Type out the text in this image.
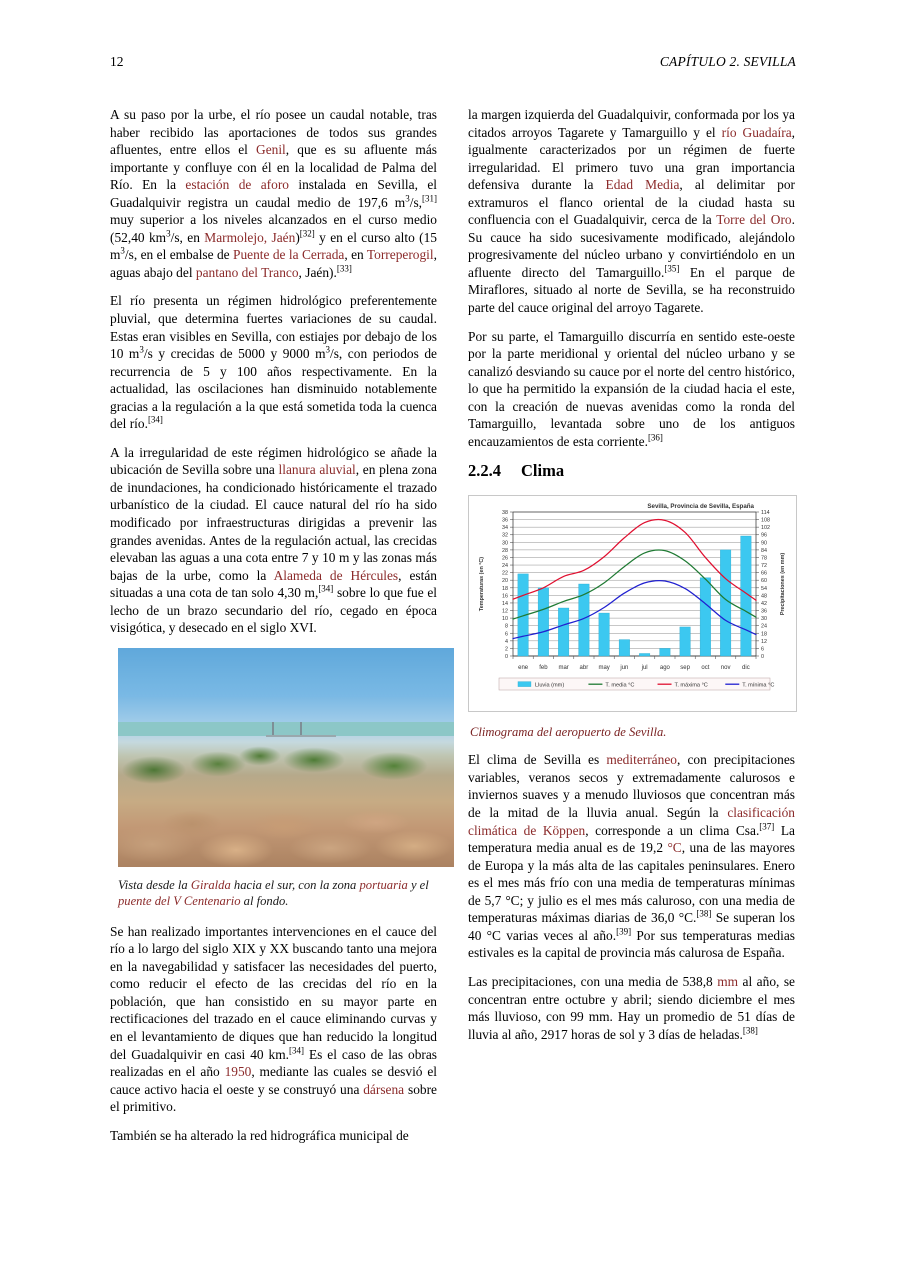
12	CAPÍTULO 2. SEVILLA

A su paso por la urbe, el río posee un caudal notable, tras haber recibido las aportaciones de todos sus grandes afluentes, entre ellos el Genil, que es su afluente más importante y confluye con él en la localidad de Palma del Río. En la estación de aforo instalada en Sevilla, el Guadalquivir registra un caudal medio de 197,6 $m^3/s,[31]$ muy superior a los niveles alcanzados en el curso medio (52,40 $km^3/s$, en Marmolejo, Jaén)[32] y en el curso alto (15 $m^3/s$, en el embalse de Puente de la Cerrada, en Torreperogil, aguas abajo del pantano del Tranco, Jaén).[33]

El río presenta un régimen hidrológico preferentemente pluvial, que determina fuertes variaciones de su caudal. Estas eran visibles en Sevilla, con estiajes por debajo de los 10 $m^3/s$ y crecidas de 5000 y 9000 $m^3/s$, con periodos de recurrencia de 5 y 100 años respectivamente. En la actualidad, las oscilaciones han disminuido notablemente gracias a la regulación a la que está sometida toda la cuenca del río.[34]

A la irregularidad de este régimen hidrológico se añade la ubicación de Sevilla sobre una llanura aluvial, en plena zona de inundaciones, ha condicionado históricamente el trazado urbanístico de la ciudad. El cauce natural del río ha sido modificado por infraestructuras dirigidas a prevenir las grandes avenidas. Antes de la regulación actual, las crecidas elevaban las aguas a una cota entre 7 y 10 m y las zonas más bajas de la urbe, como la Alameda de Hércules, están situadas a una cota de tan solo 4,30 m,[34] sobre lo que fue el lecho de un brazo secundario del río, cegado en época visigótica, y desecado en el siglo XVI.

Vista desde la Giralda hacia el sur, con la zona portuaria y el puente del V Centenario al fondo.

Se han realizado importantes intervenciones en el cauce del río a lo largo del siglo XIX y XX buscando tanto una mejora en la navegabilidad y satisfacer las necesidades del puerto, como reducir el efecto de las crecidas del río en la población, que han consistido en su mayor parte en rectificaciones del trazado en el cauce eliminando curvas y en el levantamiento de diques que han reducido la longitud del Guadalquivir en casi 40 km.[34] Es el caso de las obras realizadas en el año 1950, mediante las cuales se desvió el cauce activo hacia el oeste y se construyó una dársena sobre el primitivo.

También se ha alterado la red hidrográfica municipal de

la margen izquierda del Guadalquivir, conformada por los ya citados arroyos Tagarete y Tamarguillo y el río Guadaíra, igualmente caracterizados por un régimen de fuerte irregularidad. El primero tuvo una gran importancia defensiva durante la Edad Media, al delimitar por extramuros el flanco oriental de la ciudad hasta su confluencia con el Guadalquivir, cerca de la Torre del Oro. Su cauce ha sido sucesivamente modificado, alejándolo progresivamente del núcleo urbano y convirtiéndolo en un afluente directo del Tamarguillo.[35] En el parque de Miraflores, situado al norte de Sevilla, se ha reconstruido parte del cauce original del arroyo Tagarete.

Por su parte, el Tamarguillo discurría en sentido este-oeste por la parte meridional y oriental del núcleo urbano y se canalizó desviando su cauce por el norte del centro histórico, lo que ha permitido la expansión de la ciudad hacia el este, con la creación de nuevas avenidas como la ronda del Tamarguillo, levantada sobre uno de los antiguos encauzamientos de esta corriente.[36]

2.2.4 Clima
Sevilla, Provincia de Sevilla, España
0
2
4
6
8
10
12
14
16
18
20
22
24
26
28
30
32
34
36
38
0
6
12
18
24
30
36
42
48
54
60
66
72
78
84
90
96
102
108
114
Temperaturas (en °C)	Precipitaciones (en mm)
ene feb mar abr may jun jul ago sep oct nov dic
Lluvia (mm)	T. media °C	T. máxima °C	T. mínima °C
Climograma del aeropuerto de Sevilla.

El clima de Sevilla es mediterráneo, con precipitaciones variables, veranos secos y extremadamente calurosos e inviernos suaves y a menudo lluviosos que concentran más de la mitad de la lluvia anual. Según la clasificación climática de Köppen, corresponde a un clima Csa.[37] La temperatura media anual es de 19,2 °C, una de las mayores de Europa y la más alta de las capitales peninsulares. Enero es el mes más frío con una media de temperaturas mínimas de 5,7 °C; y julio es el mes más caluroso, con una media de temperaturas máximas diarias de 36,0 °C.[38] Se superan los 40 °C varias veces al año.[39] Por sus temperaturas medias estivales es la capital de provincia más calurosa de España.

Las precipitaciones, con una media de 538,8 mm al año, se concentran entre octubre y abril; siendo diciembre el mes más lluvioso, con 99 mm. Hay un promedio de 51 días de lluvia al año, 2917 horas de sol y 3 días de heladas.[38]
